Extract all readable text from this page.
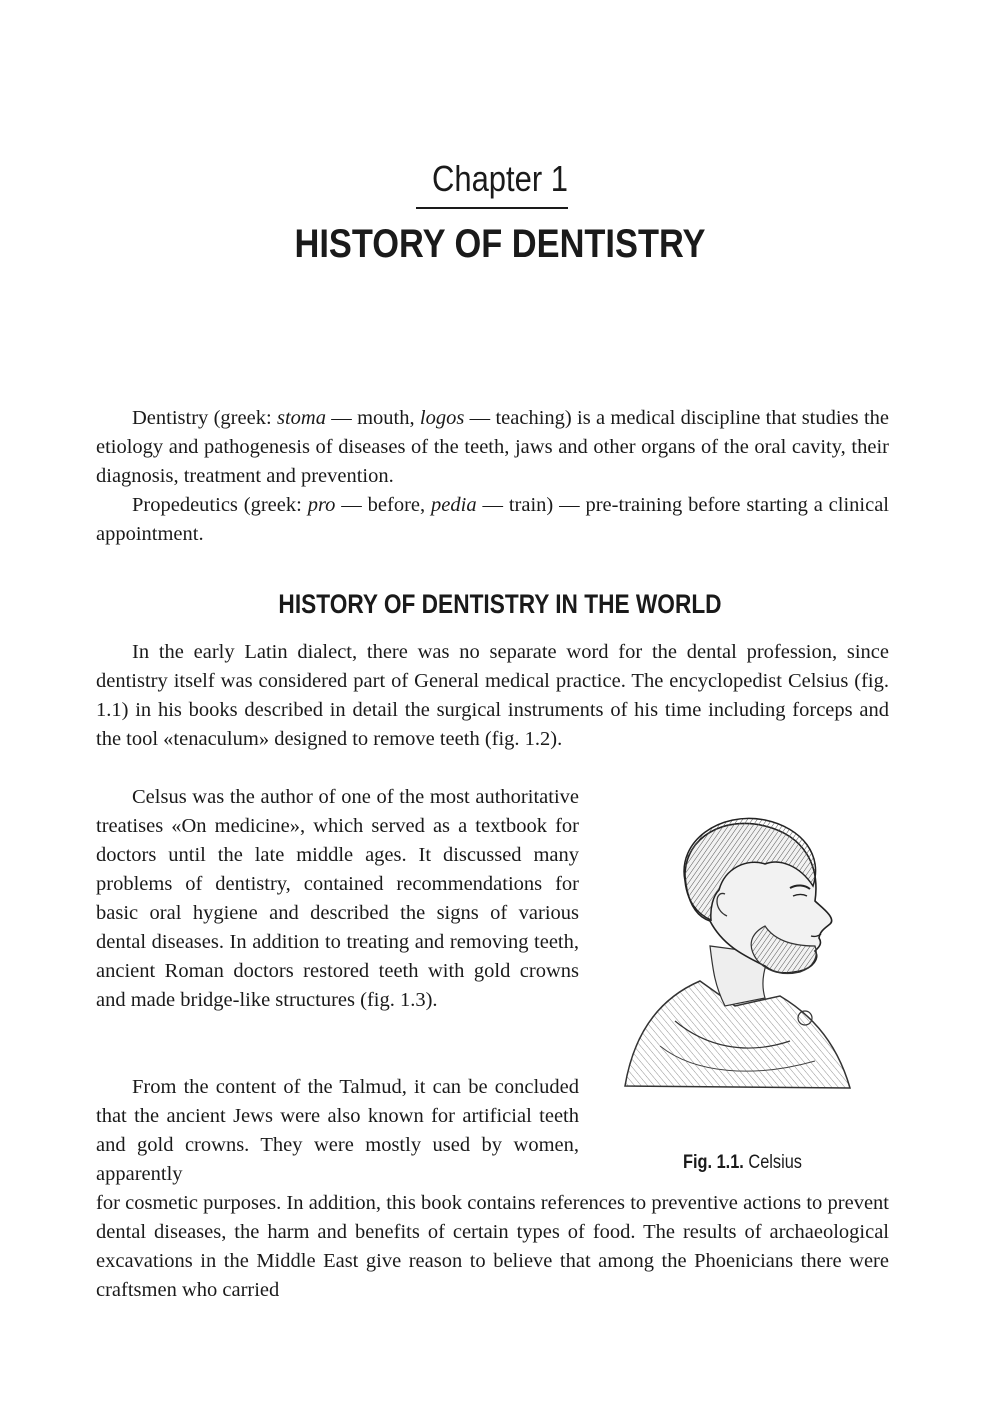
Chapter 1
HISTORY OF DENTISTRY

Dentistry (greek: stoma — mouth, logos — teaching) is a medical discipline that studies the etiology and pathogenesis of diseases of the teeth, jaws and other organs of the oral cavity, their diagnosis, treatment and prevention.

Propedeutics (greek: pro — before, pedia — train) — pre-training before starting a clinical appointment.

HISTORY OF DENTISTRY IN THE WORLD

In the early Latin dialect, there was no separate word for the dental profession, since dentistry itself was considered part of General medical practice. The encyclopedist Celsius (fig. 1.1) in his books described in detail the surgical instruments of his time including forceps and the tool «tenaculum» designed to remove teeth (fig. 1.2).

Celsus was the author of one of the most authoritative treatises «On medicine», which served as a textbook for doctors until the late middle ages. It discussed many problems of dentistry, contained recommendations for basic oral hygiene and described the signs of various dental diseases. In addition to treating and removing teeth, ancient Roman doctors restored teeth with gold crowns and made bridge-like structures (fig. 1.3).

From the content of the Talmud, it can be concluded that the ancient Jews were also known for artificial teeth and gold crowns. They were mostly used by women, apparently

for cosmetic purposes. In addition, this book contains references to preventive actions to prevent dental diseases, the harm and benefits of certain types of food. The results of archaeological excavations in the Middle East give reason to believe that among the Phoenicians there were craftsmen who carried

Fig. 1.1. Celsius
